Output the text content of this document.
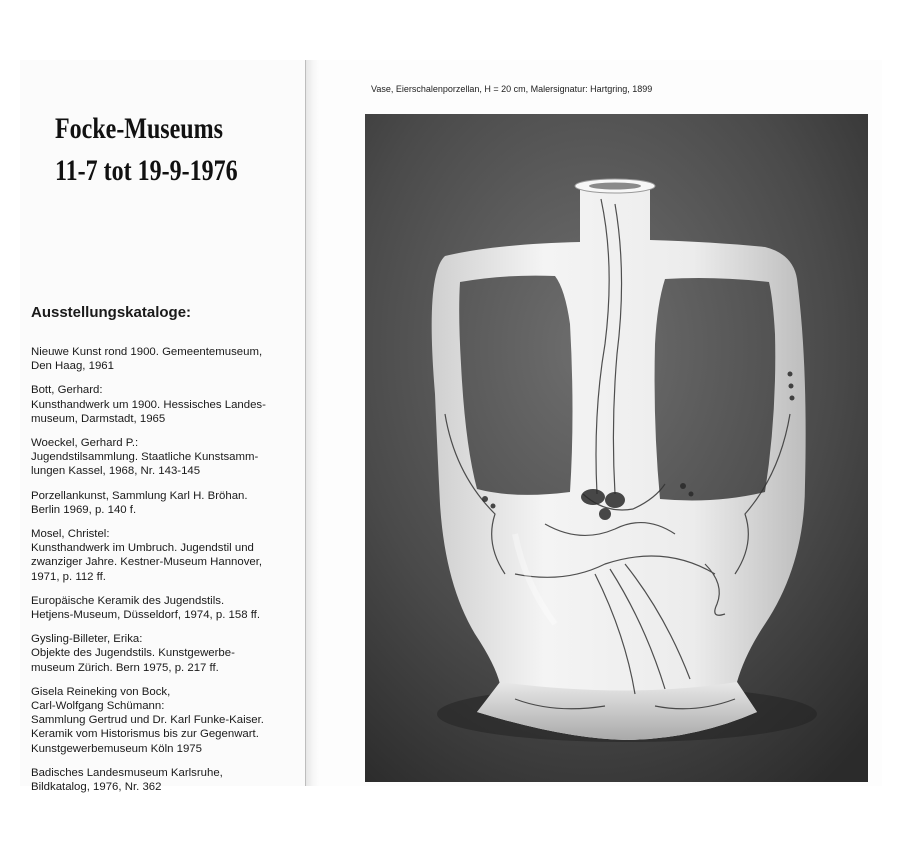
Focke-Museums
11-7 tot 19-9-1976
Ausstellungskataloge:
Nieuwe Kunst rond 1900. Gemeentemuseum,
Den Haag, 1961
Bott, Gerhard:
Kunsthandwerk um 1900. Hessisches Landes-
museum, Darmstadt, 1965
Woeckel, Gerhard P.:
Jugendstilsammlung. Staatliche Kunstsamm-
lungen Kassel, 1968, Nr. 143-145
Porzellankunst, Sammlung Karl H. Bröhan.
Berlin 1969, p. 140 f.
Mosel, Christel:
Kunsthandwerk im Umbruch. Jugendstil und
zwanziger Jahre. Kestner-Museum Hannover,
1971, p. 112 ff.
Europäische Keramik des Jugendstils.
Hetjens-Museum, Düsseldorf, 1974, p. 158 ff.
Gysling-Billeter, Erika:
Objekte des Jugendstils. Kunstgewerbe-
museum Zürich. Bern 1975, p. 217 ff.
Gisela Reineking von Bock,
Carl-Wolfgang Schümann:
Sammlung Gertrud und Dr. Karl Funke-Kaiser.
Keramik vom Historismus bis zur Gegenwart.
Kunstgewerbemuseum Köln 1975
Badisches Landesmuseum Karlsruhe,
Bildkatalog, 1976, Nr. 362

Vase, Eierschalenporzellan, H = 20 cm, Malersignatur: Hartgring, 1899
